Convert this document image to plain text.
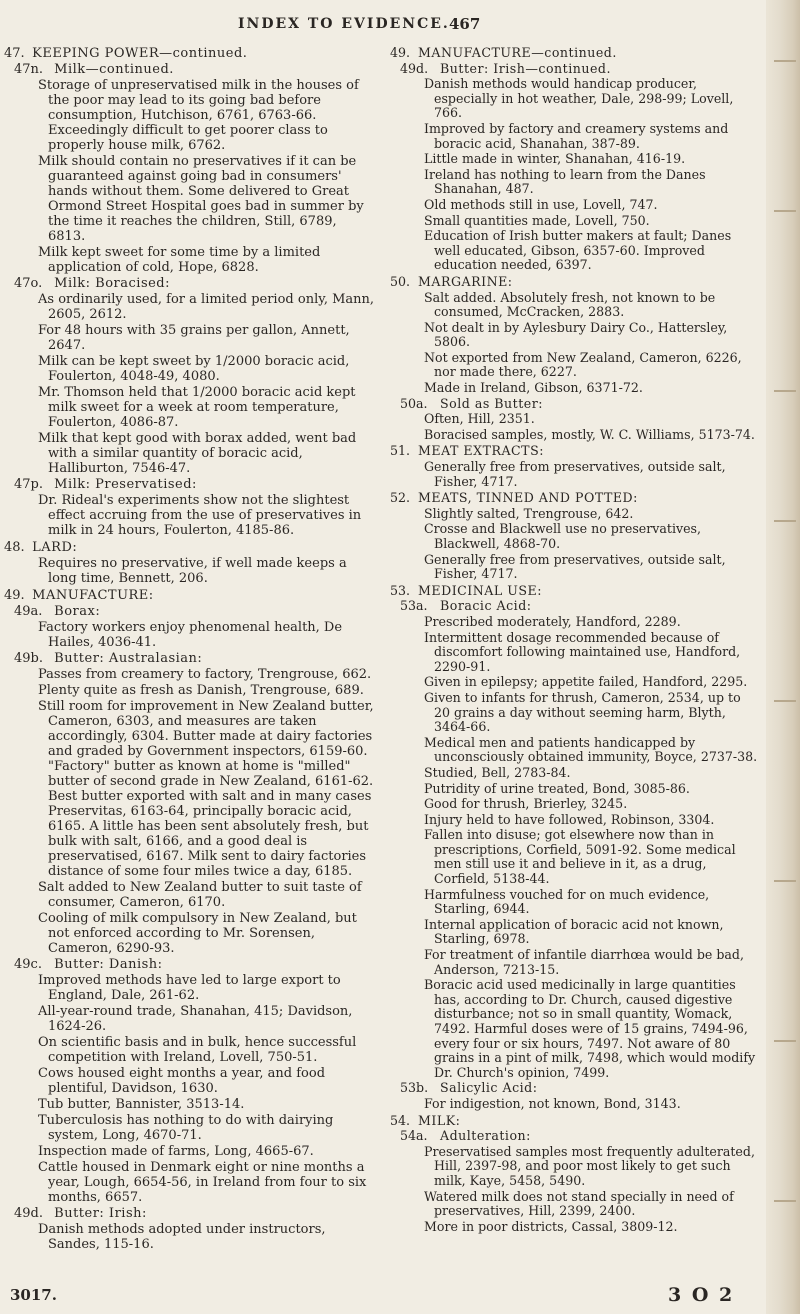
INDEX TO EVIDENCE. 467
47. KEEPING POWER—continued.
47n. Milk—continued.
Storage of unpreservatised milk in the houses of the poor may lead to its going bad before consumption, Hutchison, 6761, 6763-66. Exceedingly difficult to get poorer class to properly house milk, 6762.
Milk should contain no preservatives if it can be guaranteed against going bad in consumers' hands without them. Some delivered to Great Ormond Street Hospital goes bad in summer by the time it reaches the children, Still, 6789, 6813.
Milk kept sweet for some time by a limited application of cold, Hope, 6828.
47o. Milk: Boracised:
As ordinarily used, for a limited period only, Mann, 2605, 2612.
For 48 hours with 35 grains per gallon, Annett, 2647.
Milk can be kept sweet by 1/2000 boracic acid, Foulerton, 4048-49, 4080.
Mr. Thomson held that 1/2000 boracic acid kept milk sweet for a week at room temperature, Foulerton, 4086-87.
Milk that kept good with borax added, went bad with a similar quantity of boracic acid, Halliburton, 7546-47.
47p. Milk: Preservatised:
Dr. Rideal's experiments show not the slightest effect accruing from the use of preservatives in milk in 24 hours, Foulerton, 4185-86.
48. LARD:
Requires no preservative, if well made keeps a long time, Bennett, 206.
49. MANUFACTURE:
49a. Borax:
Factory workers enjoy phenomenal health, De Hailes, 4036-41.
49b. Butter: Australasian:
Passes from creamery to factory, Trengrouse, 662.
Plenty quite as fresh as Danish, Trengrouse, 689.
Still room for improvement in New Zealand butter, Cameron, 6303, and measures are taken accordingly, 6304. Butter made at dairy factories and graded by Government inspectors, 6159-60. "Factory" butter as known at home is "milled" butter of second grade in New Zealand, 6161-62. Best butter exported with salt and in many cases Preservitas, 6163-64, principally boracic acid, 6165. A little has been sent absolutely fresh, but bulk with salt, 6166, and a good deal is preservatised, 6167. Milk sent to dairy factories distance of some four miles twice a day, 6185.
Salt added to New Zealand butter to suit taste of consumer, Cameron, 6170.
Cooling of milk compulsory in New Zealand, but not enforced according to Mr. Sorensen, Cameron, 6290-93.
49c. Butter: Danish:
Improved methods have led to large export to England, Dale, 261-62.
All-year-round trade, Shanahan, 415; Davidson, 1624-26.
On scientific basis and in bulk, hence successful competition with Ireland, Lovell, 750-51.
Cows housed eight months a year, and food plentiful, Davidson, 1630.
Tub butter, Bannister, 3513-14.
Tuberculosis has nothing to do with dairying system, Long, 4670-71.
Inspection made of farms, Long, 4665-67.
Cattle housed in Denmark eight or nine months a year, Lough, 6654-56, in Ireland from four to six months, 6657.
49d. Butter: Irish:
Danish methods adopted under instructors, Sandes, 115-16.
49. MANUFACTURE—continued.
49d. Butter: Irish—continued.
Danish methods would handicap producer, especially in hot weather, Dale, 298-99; Lovell, 766.
Improved by factory and creamery systems and boracic acid, Shanahan, 387-89.
Little made in winter, Shanahan, 416-19.
Ireland has nothing to learn from the Danes Shanahan, 487.
Old methods still in use, Lovell, 747.
Small quantities made, Lovell, 750.
Education of Irish butter makers at fault; Danes well educated, Gibson, 6357-60. Improved education needed, 6397.
50. MARGARINE:
Salt added. Absolutely fresh, not known to be consumed, McCracken, 2883.
Not dealt in by Aylesbury Dairy Co., Hattersley, 5806.
Not exported from New Zealand, Cameron, 6226, nor made there, 6227.
Made in Ireland, Gibson, 6371-72.
50a. Sold as Butter:
Often, Hill, 2351.
Boracised samples, mostly, W. C. Williams, 5173-74.
51. MEAT EXTRACTS:
Generally free from preservatives, outside salt, Fisher, 4717.
52. MEATS, TINNED AND POTTED:
Slightly salted, Trengrouse, 642.
Crosse and Blackwell use no preservatives, Blackwell, 4868-70.
Generally free from preservatives, outside salt, Fisher, 4717.
53. MEDICINAL USE:
53a. Boracic Acid:
Prescribed moderately, Handford, 2289.
Intermittent dosage recommended because of discomfort following maintained use, Handford, 2290-91.
Given in epilepsy; appetite failed, Handford, 2295.
Given to infants for thrush, Cameron, 2534, up to 20 grains a day without seeming harm, Blyth, 3464-66.
Medical men and patients handicapped by unconsciously obtained immunity, Boyce, 2737-38.
Studied, Bell, 2783-84.
Putridity of urine treated, Bond, 3085-86.
Good for thrush, Brierley, 3245.
Injury held to have followed, Robinson, 3304.
Fallen into disuse; got elsewhere now than in prescriptions, Corfield, 5091-92. Some medical men still use it and believe in it, as a drug, Corfield, 5138-44.
Harmfulness vouched for on much evidence, Starling, 6944.
Internal application of boracic acid not known, Starling, 6978.
For treatment of infantile diarrhœa would be bad, Anderson, 7213-15.
Boracic acid used medicinally in large quantities has, according to Dr. Church, caused digestive disturbance; not so in small quantity, Womack, 7492. Harmful doses were of 15 grains, 7494-96, every four or six hours, 7497. Not aware of 80 grains in a pint of milk, 7498, which would modify Dr. Church's opinion, 7499.
53b. Salicylic Acid:
For indigestion, not known, Bond, 3143.
54. MILK:
54a. Adulteration:
Preservatised samples most frequently adulterated, Hill, 2397-98, and poor most likely to get such milk, Kaye, 5458, 5490.
Watered milk does not stand specially in need of preservatives, Hill, 2399, 2400.
More in poor districts, Cassal, 3809-12.
3017.	3 O 2
